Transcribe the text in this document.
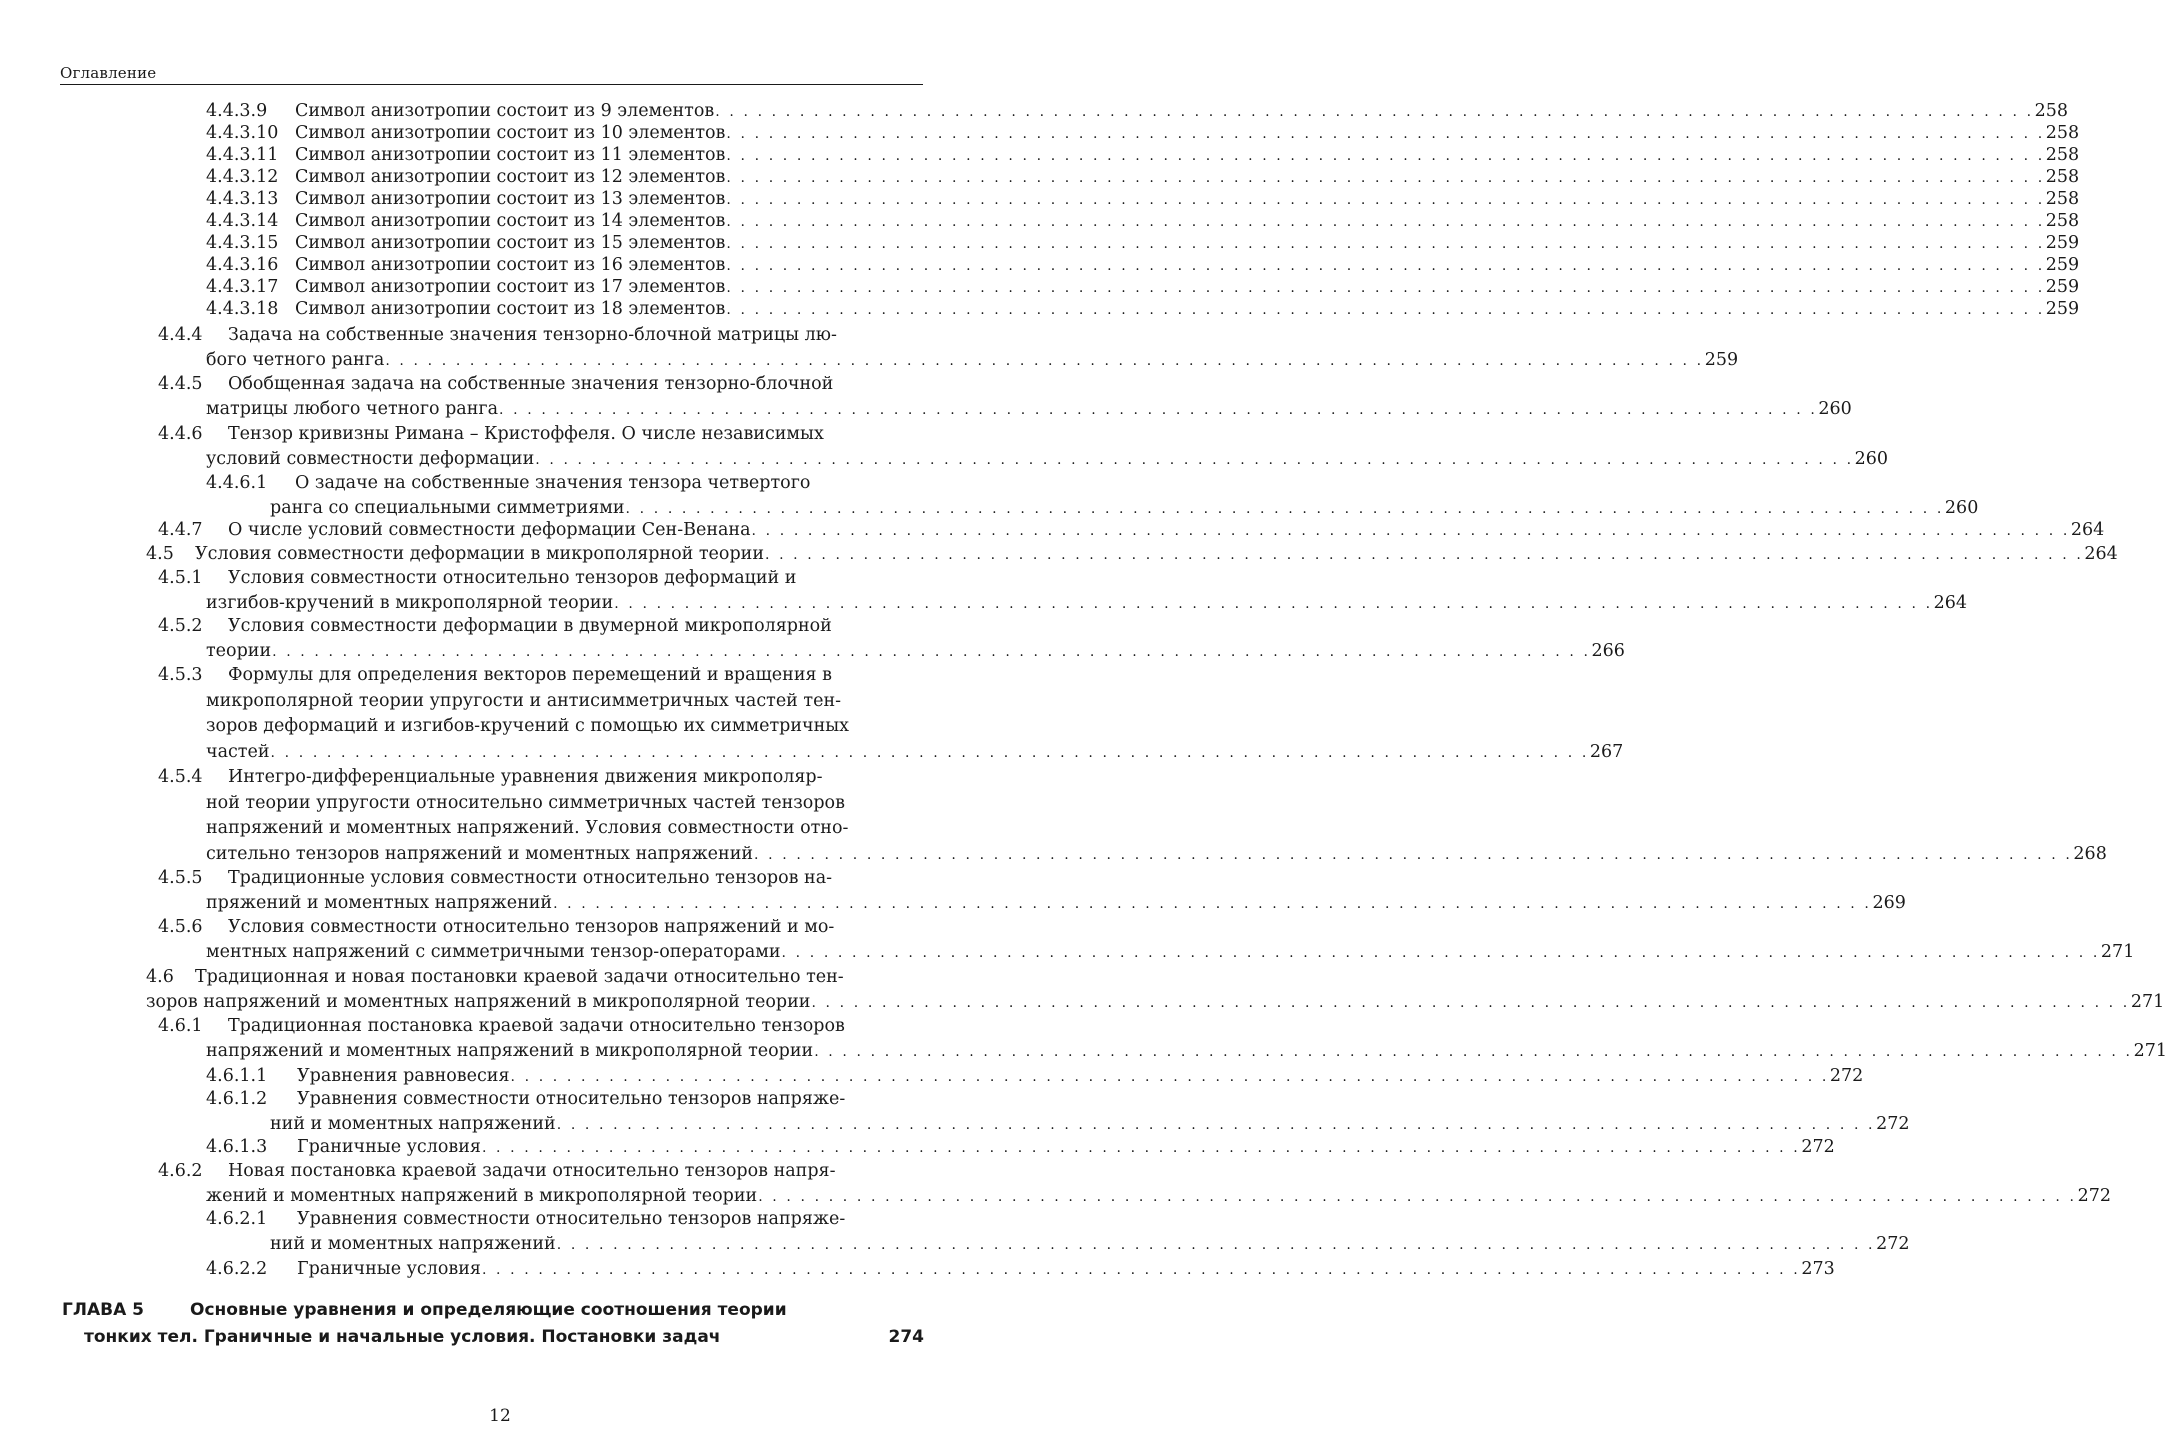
Оглавление
4.4.3.9 Символ анизотропии состоит из 9 элементов . . . . . . . . . . . . . . . . . . . . . . . . . . . . . . . . . . . . . . . . . . . . . . . . . . . . . . . . . . . . . . . . . . . . . . . . . . . . . . . . . . . . . . . . . . . . . . 258
4.4.3.10 Символ анизотропии состоит из 10 элементов . . . . . . . . . . . . . . . . . . . . . . . . . . . . . . . . . . . . . . . . . . . . . . . . . . . . . . . . . . . . . . . . . . . . . . . . . . . . . . . . . . . . . . . . . . . . . . 258
4.4.3.11 Символ анизотропии состоит из 11 элементов . . . . . . . . . . . . . . . . . . . . . . . . . . . . . . . . . . . . . . . . . . . . . . . . . . . . . . . . . . . . . . . . . . . . . . . . . . . . . . . . . . . . . . . . . . . . . . 258
4.4.3.12 Символ анизотропии состоит из 12 элементов . . . . . . . . . . . . . . . . . . . . . . . . . . . . . . . . . . . . . . . . . . . . . . . . . . . . . . . . . . . . . . . . . . . . . . . . . . . . . . . . . . . . . . . . . . . . . . 258
4.4.3.13 Символ анизотропии состоит из 13 элементов . . . . . . . . . . . . . . . . . . . . . . . . . . . . . . . . . . . . . . . . . . . . . . . . . . . . . . . . . . . . . . . . . . . . . . . . . . . . . . . . . . . . . . . . . . . . . . 258
4.4.3.14 Символ анизотропии состоит из 14 элементов . . . . . . . . . . . . . . . . . . . . . . . . . . . . . . . . . . . . . . . . . . . . . . . . . . . . . . . . . . . . . . . . . . . . . . . . . . . . . . . . . . . . . . . . . . . . . . 258
4.4.3.15 Символ анизотропии состоит из 15 элементов . . . . . . . . . . . . . . . . . . . . . . . . . . . . . . . . . . . . . . . . . . . . . . . . . . . . . . . . . . . . . . . . . . . . . . . . . . . . . . . . . . . . . . . . . . . . . . 259
4.4.3.16 Символ анизотропии состоит из 16 элементов . . . . . . . . . . . . . . . . . . . . . . . . . . . . . . . . . . . . . . . . . . . . . . . . . . . . . . . . . . . . . . . . . . . . . . . . . . . . . . . . . . . . . . . . . . . . . . 259
4.4.3.17 Символ анизотропии состоит из 17 элементов . . . . . . . . . . . . . . . . . . . . . . . . . . . . . . . . . . . . . . . . . . . . . . . . . . . . . . . . . . . . . . . . . . . . . . . . . . . . . . . . . . . . . . . . . . . . . . 259
4.4.3.18 Символ анизотропии состоит из 18 элементов . . . . . . . . . . . . . . . . . . . . . . . . . . . . . . . . . . . . . . . . . . . . . . . . . . . . . . . . . . . . . . . . . . . . . . . . . . . . . . . . . . . . . . . . . . . . . . 259
4.4.4 Задача на собственные значения тензорно-блочной матрицы лю-
бого четного ранга . . . . . . . . . . . . . . . . . . . . . . . . . . . . . . . . . . . . . . . . . . . . . . . . . . . . . . . . . . . . . . . . . . . . . . . . . . . . . . . . . . . . . . . . . . . . . . 259
4.4.5 Обобщенная задача на собственные значения тензорно-блочной
матрицы любого четного ранга . . . . . . . . . . . . . . . . . . . . . . . . . . . . . . . . . . . . . . . . . . . . . . . . . . . . . . . . . . . . . . . . . . . . . . . . . . . . . . . . . . . . . . . . . . . . . . 260
4.4.6 Тензор кривизны Римана – Кристоффеля. О числе независимых
условий совместности деформации . . . . . . . . . . . . . . . . . . . . . . . . . . . . . . . . . . . . . . . . . . . . . . . . . . . . . . . . . . . . . . . . . . . . . . . . . . . . . . . . . . . . . . . . . . . . . . 260
4.4.6.1 О задаче на собственные значения тензора четвертого
ранга со специальными симметриями . . . . . . . . . . . . . . . . . . . . . . . . . . . . . . . . . . . . . . . . . . . . . . . . . . . . . . . . . . . . . . . . . . . . . . . . . . . . . . . . . . . . . . . . . . . . . . 260
4.4.7 О числе условий совместности деформации Сен-Венана . . . . . . . . . . . . . . . . . . . . . . . . . . . . . . . . . . . . . . . . . . . . . . . . . . . . . . . . . . . . . . . . . . . . . . . . . . . . . . . . . . . . . . . . . . . . . . 264
4.5 Условия совместности деформации в микрополярной теории . . . . . . . . . . . . . . . . . . . . . . . . . . . . . . . . . . . . . . . . . . . . . . . . . . . . . . . . . . . . . . . . . . . . . . . . . . . . . . . . . . . . . . . . . . . . . . 264
4.5.1 Условия совместности относительно тензоров деформаций и
изгибов-кручений в микрополярной теории . . . . . . . . . . . . . . . . . . . . . . . . . . . . . . . . . . . . . . . . . . . . . . . . . . . . . . . . . . . . . . . . . . . . . . . . . . . . . . . . . . . . . . . . . . . . . . 264
4.5.2 Условия совместности деформации в двумерной микрополярной
теории . . . . . . . . . . . . . . . . . . . . . . . . . . . . . . . . . . . . . . . . . . . . . . . . . . . . . . . . . . . . . . . . . . . . . . . . . . . . . . . . . . . . . . . . . . . . . . 266
4.5.3 Формулы для определения векторов перемещений и вращения в
микрополярной теории упругости и антисимметричных частей тен-
зоров деформаций и изгибов-кручений с помощью их симметричных
частей . . . . . . . . . . . . . . . . . . . . . . . . . . . . . . . . . . . . . . . . . . . . . . . . . . . . . . . . . . . . . . . . . . . . . . . . . . . . . . . . . . . . . . . . . . . . . . 267
4.5.4 Интегро-дифференциальные уравнения движения микрополяр-
ной теории упругости относительно симметричных частей тензоров
напряжений и моментных напряжений. Условия совместности отно-
сительно тензоров напряжений и моментных напряжений . . . . . . . . . . . . . . . . . . . . . . . . . . . . . . . . . . . . . . . . . . . . . . . . . . . . . . . . . . . . . . . . . . . . . . . . . . . . . . . . . . . . . . . . . . . . . . 268
4.5.5 Традиционные условия совместности относительно тензоров на-
пряжений и моментных напряжений . . . . . . . . . . . . . . . . . . . . . . . . . . . . . . . . . . . . . . . . . . . . . . . . . . . . . . . . . . . . . . . . . . . . . . . . . . . . . . . . . . . . . . . . . . . . . . 269
4.5.6 Условия совместности относительно тензоров напряжений и мо-
ментных напряжений с симметричными тензор-операторами . . . . . . . . . . . . . . . . . . . . . . . . . . . . . . . . . . . . . . . . . . . . . . . . . . . . . . . . . . . . . . . . . . . . . . . . . . . . . . . . . . . . . . . . . . . . . . 271
4.6 Традиционная и новая постановки краевой задачи относительно тен-
зоров напряжений и моментных напряжений в микрополярной теории . . . . . . . . . . . . . . . . . . . . . . . . . . . . . . . . . . . . . . . . . . . . . . . . . . . . . . . . . . . . . . . . . . . . . . . . . . . . . . . . . . . . . . . . . . . . . . 271
4.6.1 Традиционная постановка краевой задачи относительно тензоров
напряжений и моментных напряжений в микрополярной теории . . . . . . . . . . . . . . . . . . . . . . . . . . . . . . . . . . . . . . . . . . . . . . . . . . . . . . . . . . . . . . . . . . . . . . . . . . . . . . . . . . . . . . . . . . . . . . 271
4.6.1.1 Уравнения равновесия . . . . . . . . . . . . . . . . . . . . . . . . . . . . . . . . . . . . . . . . . . . . . . . . . . . . . . . . . . . . . . . . . . . . . . . . . . . . . . . . . . . . . . . . . . . . . . 272
4.6.1.2 Уравнения совместности относительно тензоров напряже-
ний и моментных напряжений . . . . . . . . . . . . . . . . . . . . . . . . . . . . . . . . . . . . . . . . . . . . . . . . . . . . . . . . . . . . . . . . . . . . . . . . . . . . . . . . . . . . . . . . . . . . . . 272
4.6.1.3 Граничные условия . . . . . . . . . . . . . . . . . . . . . . . . . . . . . . . . . . . . . . . . . . . . . . . . . . . . . . . . . . . . . . . . . . . . . . . . . . . . . . . . . . . . . . . . . . . . . . 272
4.6.2 Новая постановка краевой задачи относительно тензоров напря-
жений и моментных напряжений в микрополярной теории . . . . . . . . . . . . . . . . . . . . . . . . . . . . . . . . . . . . . . . . . . . . . . . . . . . . . . . . . . . . . . . . . . . . . . . . . . . . . . . . . . . . . . . . . . . . . . 272
4.6.2.1 Уравнения совместности относительно тензоров напряже-
ний и моментных напряжений . . . . . . . . . . . . . . . . . . . . . . . . . . . . . . . . . . . . . . . . . . . . . . . . . . . . . . . . . . . . . . . . . . . . . . . . . . . . . . . . . . . . . . . . . . . . . . 272
4.6.2.2 Граничные условия . . . . . . . . . . . . . . . . . . . . . . . . . . . . . . . . . . . . . . . . . . . . . . . . . . . . . . . . . . . . . . . . . . . . . . . . . . . . . . . . . . . . . . . . . . . . . . 273
ГЛАВА 5	Основные уравнения и определяющие соотношения теории
тонких тел. Граничные и начальные условия. Постановки задач	274
12
